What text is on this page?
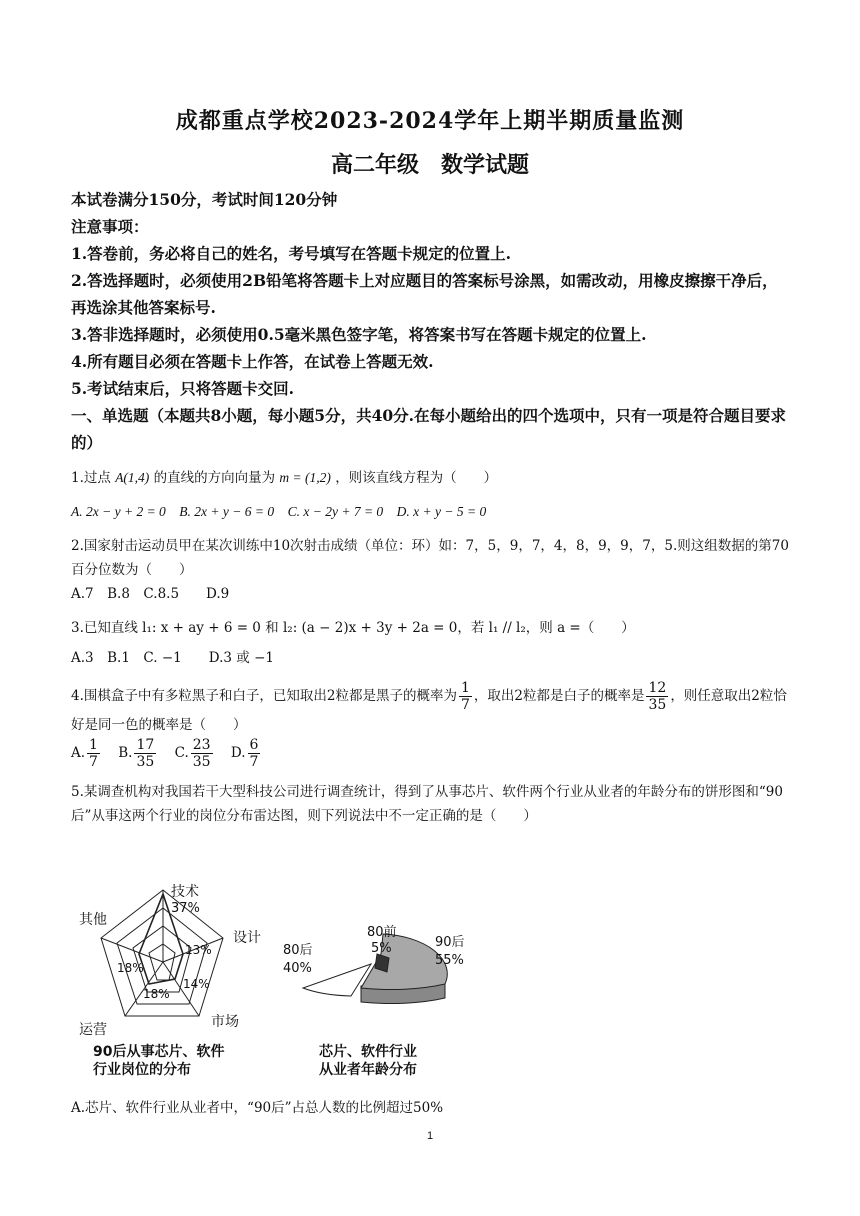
成都重点学校2023-2024学年上期半期质量监测
高二年级　数学试题
本试卷满分150分，考试时间120分钟
注意事项：
1.答卷前，务必将自己的姓名，考号填写在答题卡规定的位置上.
2.答选择题时，必须使用2B铅笔将答题卡上对应题目的答案标号涂黑，如需改动，用橡皮擦擦干净后，再选涂其他答案标号.
3.答非选择题时，必须使用0.5毫米黑色签字笔，将答案书写在答题卡规定的位置上.
4.所有题目必须在答题卡上作答，在试卷上答题无效.
5.考试结束后，只将答题卡交回.
一、单选题（本题共8小题，每小题5分，共40分.在每小题给出的四个选项中，只有一项是符合题目要求的）
1.过点 A(1,4) 的直线的方向向量为 m = (1,2) ，则该直线方程为（　　）
A. 2x − y + 2 = 0　B. 2x + y − 6 = 0　C. x − 2y + 7 = 0　D. x + y − 5 = 0
2.国家射击运动员甲在某次训练中10次射击成绩（单位：环）如：7，5，9，7，4，8，9，9，7，5.则这组数据的第70百分位数为（　　）
A.7　B.8　C.8.5　　D.9
3.已知直线 l₁: x + ay + 6 = 0 和 l₂: (a − 2)x + 3y + 2a = 0，若 l₁ // l₂，则 a =（　　）
A.3　B.1　C. −1　　D.3 或 −1
4.围棋盒子中有多粒黑子和白子，已知取出2粒都是黑子的概率为 $\frac{1}{7}$ ，取出2粒都是白子的概率是 $\frac{12}{35}$ ，则任意取出2粒恰好是同一色的概率是（　　）
A. $\frac{1}{7} B$. $\frac{17}{35} C$. $\frac{23}{35} D$. $\frac{6}{7}$
5.某调查机构对我国若干大型科技公司进行调查统计，得到了从事芯片、软件两个行业从业者的年龄分布的饼形图和“90后”从事这两个行业的岗位分布雷达图，则下列说法中不一定正确的是（　　）
技术
37%
设计
13%
市场
14%
运营
18%
其他
18%
90后从事芯片、软件
行业岗位的分布
80前
5%
80后
40%
90后
55%
芯片、软件行业
从业者年龄分布
A.芯片、软件行业从业者中，“90后”占总人数的比例超过50%
1
